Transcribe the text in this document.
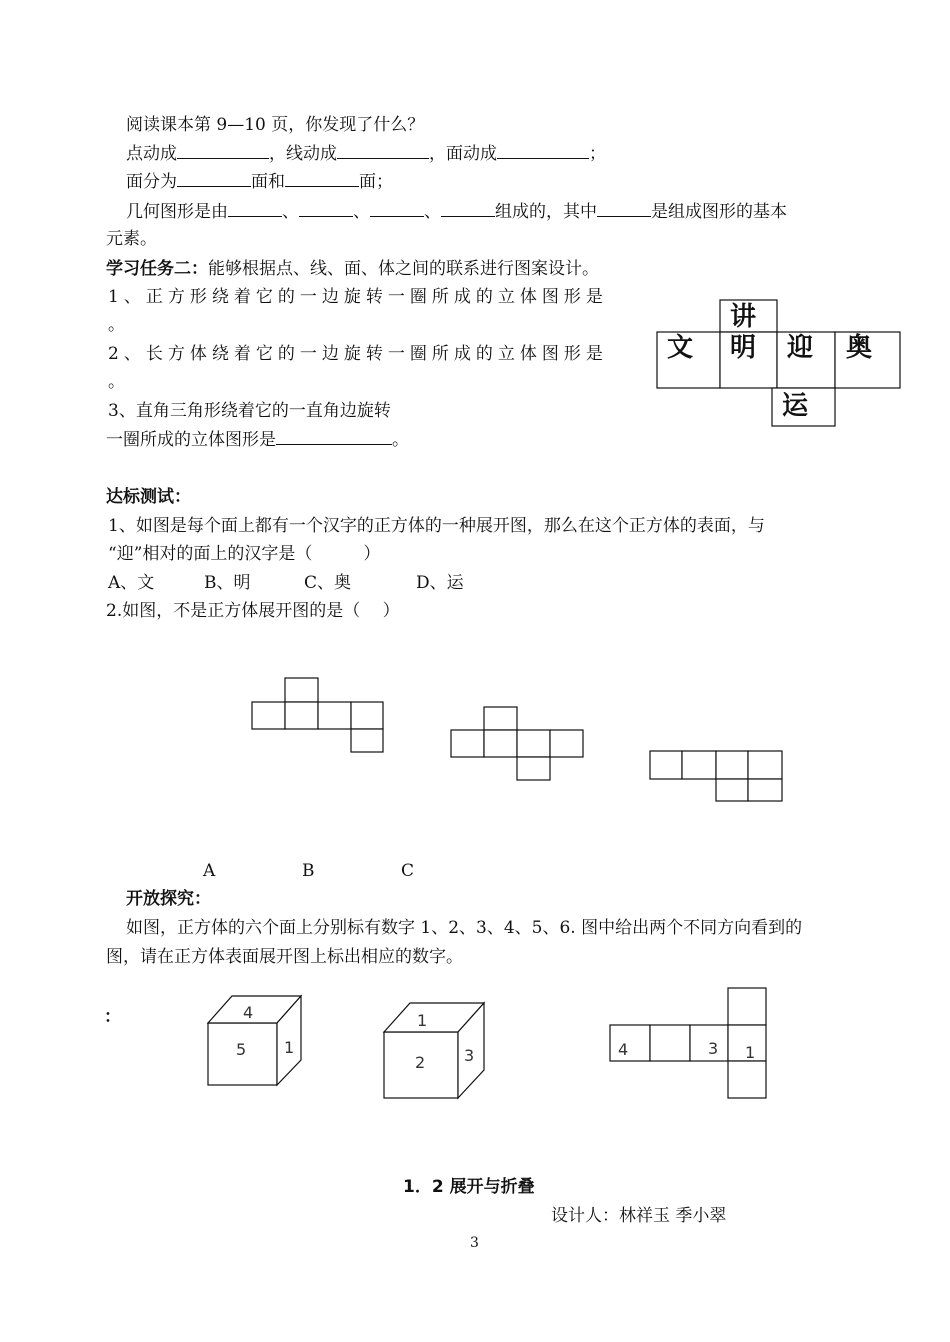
阅读课本第 9—10 页，你发现了什么？
点动成	，线动成	，面动成	；
面分为	面和	面；
几何图形是由	、	、	、	组成的，其中	是组成图形的基本
元素。
学习任务二：能够根据点、线、面、体之间的联系进行图案设计。
1、正方形绕着它的一边旋转一圈所成的立体图形是
。
2、长方体绕着它的一边旋转一圈所成的立体图形是
。
3、直角三角形绕着它的一直角边旋转
一圈所成的立体图形是	。
讲
文 明 迎 奥
运
达标测试：
1、如图是每个面上都有一个汉字的正方体的一种展开图，那么在这个正方体的表面，与
“迎”相对的面上的汉字是（　　　）
A、文	B、明	C、奥	D、运
2.如图，不是正方体展开图的是（　 ）
A	B	C
开放探究：
如图，正方体的六个面上分别标有数字 1、2、3、4、5、6. 图中给出两个不同方向看到的
图，请在正方体表面展开图上标出相应的数字。
：	4
5 1
1
2 3	4	3 1
1．2 展开与折叠
设计人：林祥玉 季小翠
3
